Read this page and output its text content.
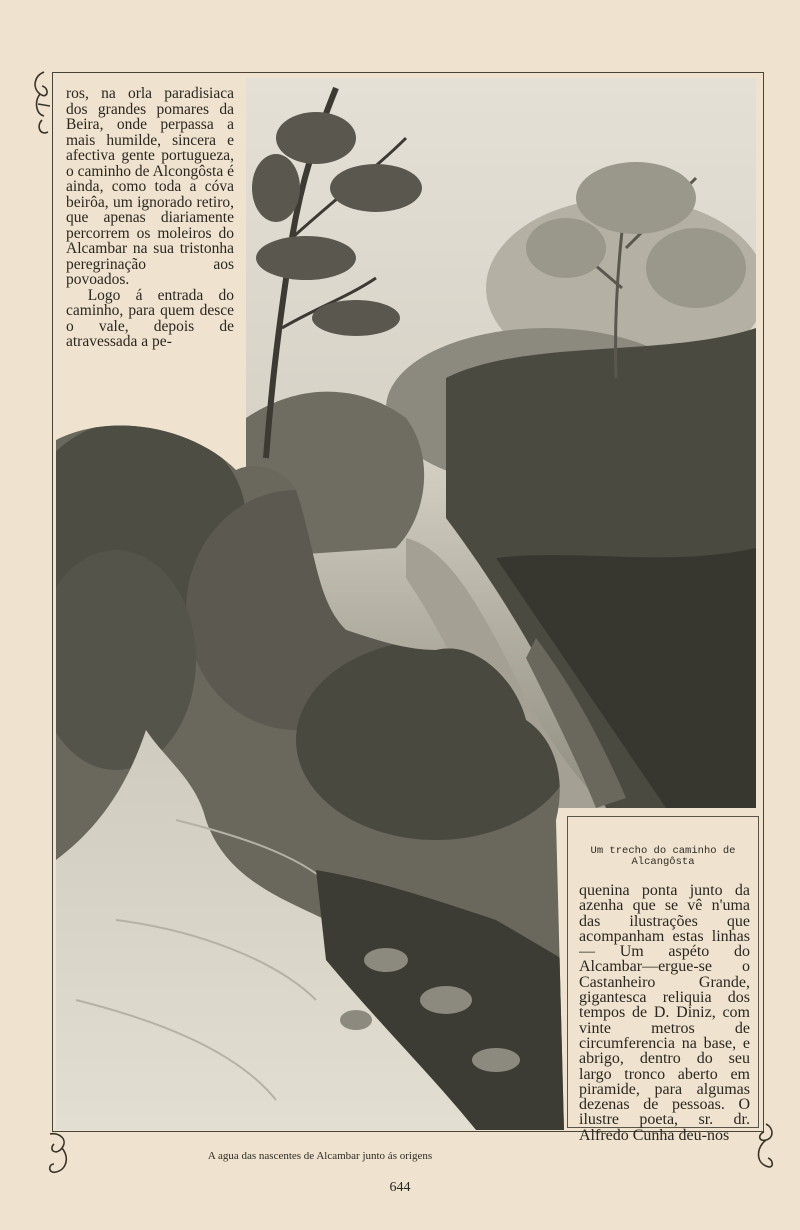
ros, na orla paradisiaca dos grandes pomares da Beira, onde perpassa a mais humilde, sincera e afectiva gente portugueza, o caminho de Alcongôsta é ainda, como toda a cóva beirôa, um ignorado retiro, que apenas diariamente percorrem os moleiros do Alcambar na sua tristonha peregrinação aos povoados.

Logo á entrada do caminho, para quem desce o vale, depois de atravessada a pe-

Um trecho do caminho de Alcangôsta

quenina ponta junto da azenha que se vê n'uma das ilustrações que acompanham estas linhas— Um aspéto do Alcambar—ergue-se o Castanheiro Grande, gigantesca reliquia dos tempos de D. Diniz, com vinte metros de circumferencia na base, e abrigo, dentro do seu largo tronco aberto em piramide, para algumas dezenas de pessoas. O ilustre poeta, sr. dr. Alfredo Cunha deu-nos

A agua das nascentes de Alcambar junto ás origens
644
